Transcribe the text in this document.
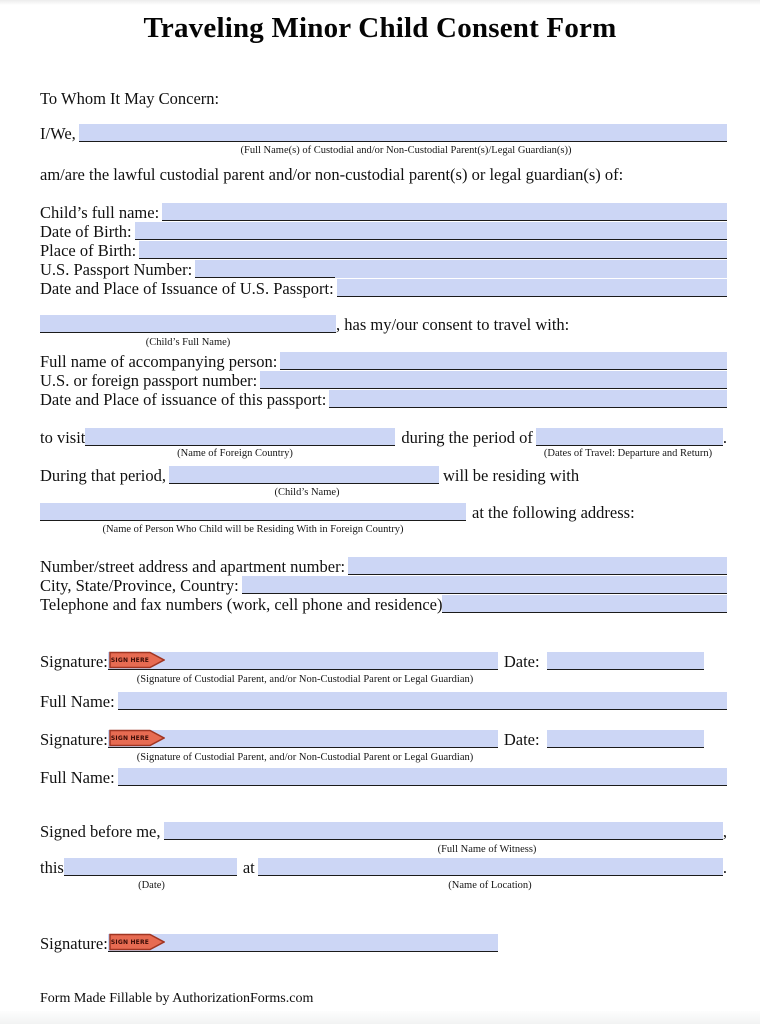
Traveling Minor Child Consent Form
To Whom It May Concern:
I/We,
(Full Name(s) of Custodial and/or Non-Custodial Parent(s)/Legal Guardian(s))
am/are the lawful custodial parent and/or non-custodial parent(s) or legal guardian(s) of:
Child’s full name:
Date of Birth:
Place of Birth:
U.S. Passport Number:
Date and Place of Issuance of U.S. Passport:
, has my/our consent to travel with:
(Child’s Full Name)
Full name of accompanying person:
U.S. or foreign passport number:
Date and Place of issuance of this passport:
to visit	during the period of	.
(Name of Foreign Country)	(Dates of Travel: Departure and Return)
During that period,	will be residing with
(Child’s Name)
at the following address:
(Name of Person Who Child will be Residing With in Foreign Country)
Number/street address and apartment number:
City, State/Province, Country:
Telephone and fax numbers (work, cell phone and residence)
Signature: SIGN HERE	Date:
(Signature of Custodial Parent, and/or Non-Custodial Parent or Legal Guardian)
Full Name:
Signature: SIGN HERE	Date:
(Signature of Custodial Parent, and/or Non-Custodial Parent or Legal Guardian)
Full Name:
Signed before me,	,
(Full Name of Witness)
this	at	.
(Date)	(Name of Location)
Signature: SIGN HERE
Form Made Fillable by AuthorizationForms.com
